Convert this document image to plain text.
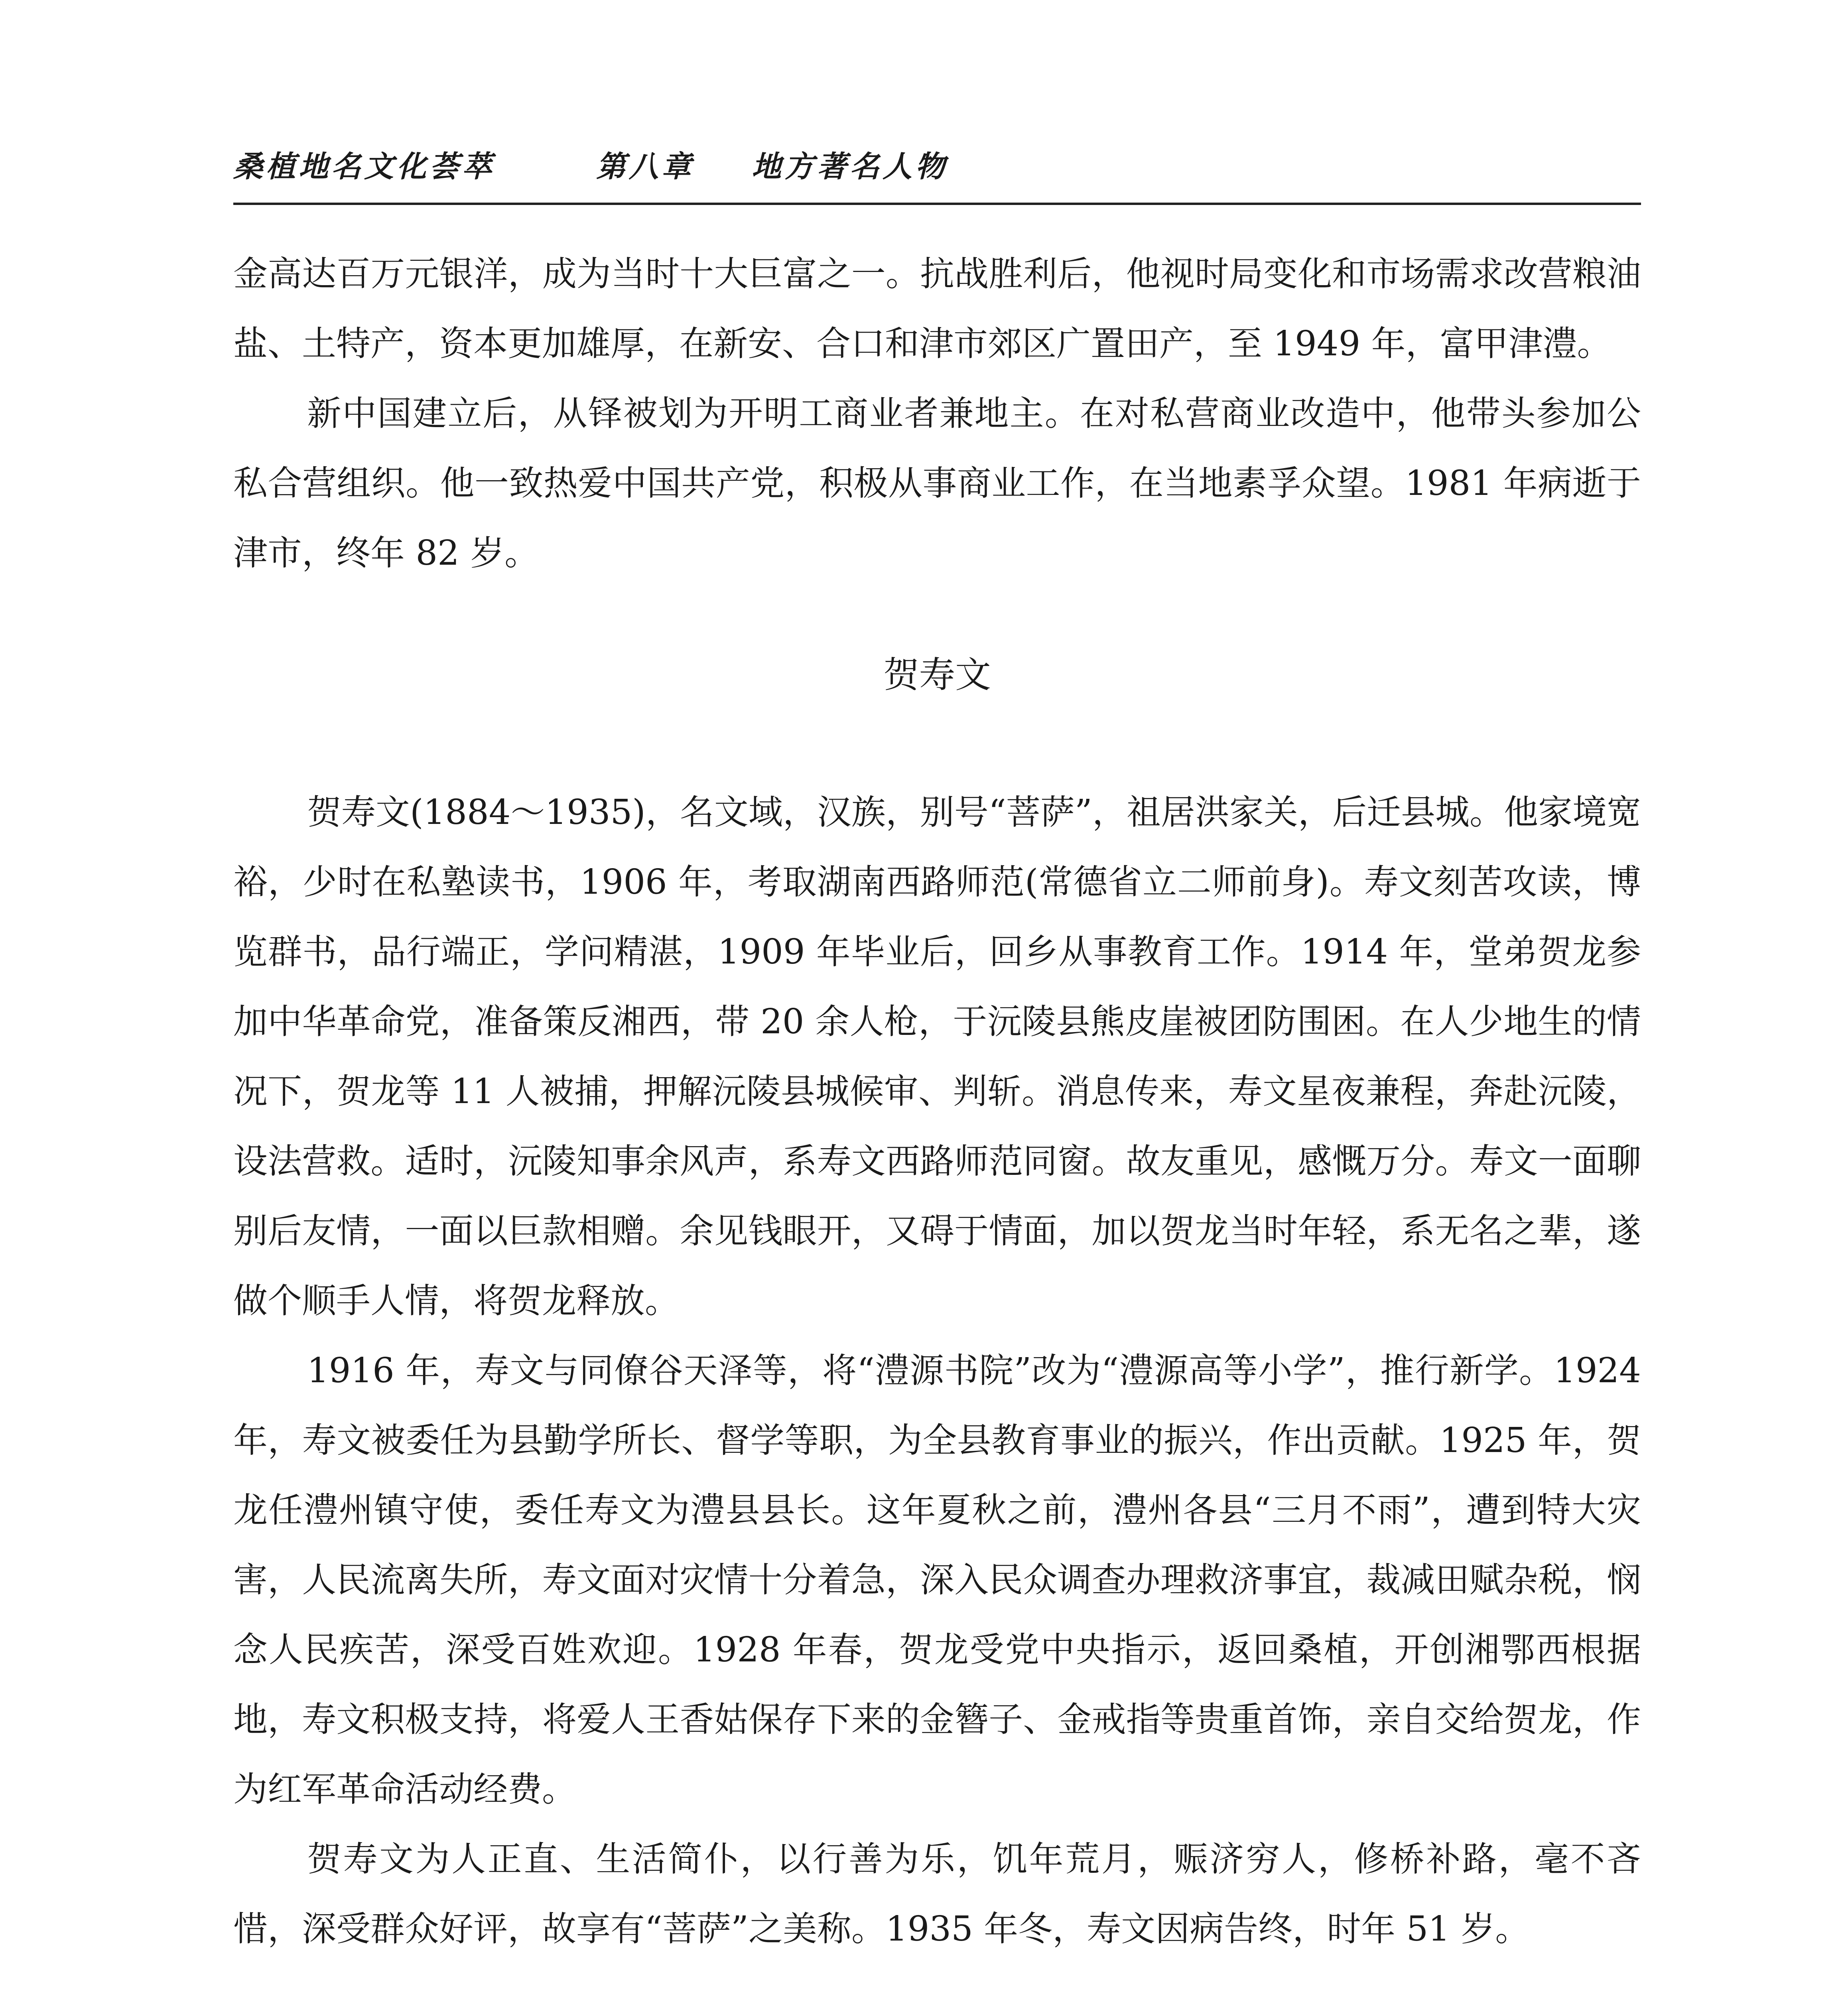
桑植地名文化荟萃	第八章 地方著名人物

金高达百万元银洋，成为当时十大巨富之一。抗战胜利后，他视时局变化和市场需求改营粮油盐、土特产，资本更加雄厚，在新安、合口和津市郊区广置田产，至 1949 年，富甲津澧。

新中国建立后，从铎被划为开明工商业者兼地主。在对私营商业改造中，他带头参加公私合营组织。他一致热爱中国共产党，积极从事商业工作，在当地素孚众望。1981 年病逝于津市，终年 82 岁。

贺寿文

贺寿文(1884～1935)，名文域，汉族，别号“菩萨”，祖居洪家关，后迁县城。他家境宽裕，少时在私塾读书，1906 年，考取湖南西路师范(常德省立二师前身)。寿文刻苦攻读，博览群书，品行端正，学问精湛，1909 年毕业后，回乡从事教育工作。1914 年，堂弟贺龙参加中华革命党，准备策反湘西，带 20 余人枪，于沅陵县熊皮崖被团防围困。在人少地生的情况下，贺龙等 11 人被捕，押解沅陵县城候审、判斩。消息传来，寿文星夜兼程，奔赴沅陵，设法营救。适时，沅陵知事余风声，系寿文西路师范同窗。故友重见，感慨万分。寿文一面聊别后友情，一面以巨款相赠。余见钱眼开，又碍于情面，加以贺龙当时年轻，系无名之辈，遂做个顺手人情，将贺龙释放。

1916 年，寿文与同僚谷天泽等，将“澧源书院”改为“澧源高等小学”，推行新学。1924 年，寿文被委任为县勤学所长、督学等职，为全县教育事业的振兴，作出贡献。1925 年，贺龙任澧州镇守使，委任寿文为澧县县长。这年夏秋之前，澧州各县“三月不雨”，遭到特大灾害，人民流离失所，寿文面对灾情十分着急，深入民众调查办理救济事宜，裁减田赋杂税，悯念人民疾苦，深受百姓欢迎。1928 年春，贺龙受党中央指示，返回桑植，开创湘鄂西根据地，寿文积极支持，将爱人王香姑保存下来的金簪子、金戒指等贵重首饰，亲自交给贺龙，作为红军革命活动经费。

贺寿文为人正直、生活简仆，以行善为乐，饥年荒月，赈济穷人，修桥补路，毫不吝惜，深受群众好评，故享有“菩萨”之美称。1935 年冬，寿文因病告终，时年 51 岁。
